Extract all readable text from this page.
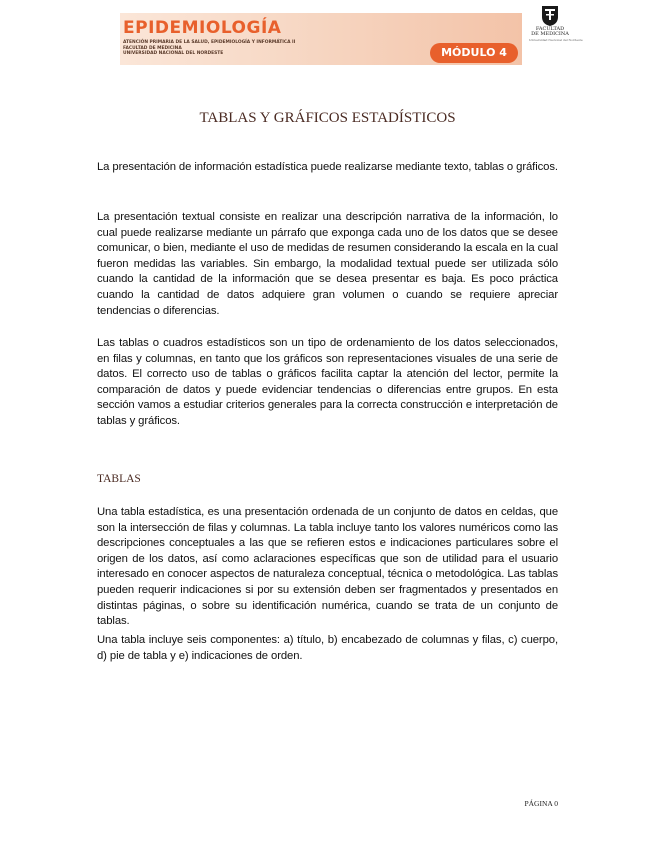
EPIDEMIOLOGÍA
ATENCIÓN PRIMARIA DE LA SALUD, EPIDEMIOLOGÍA Y INFORMÁTICA II
FACULTAD DE MEDICINA
UNIVERSIDAD NACIONAL DEL NORDESTE	MÓDULO 4
FACULTAD
DE MEDICINA
Universidad Nacional del Nordeste
TABLAS Y GRÁFICOS ESTADÍSTICOS

La presentación de información estadística puede realizarse mediante texto, tablas o gráficos.

La presentación textual consiste en realizar una descripción narrativa de la información, lo cual puede realizarse mediante un párrafo que exponga cada uno de los datos que se desee comunicar, o bien, mediante el uso de medidas de resumen considerando la escala en la cual fueron medidas las variables. Sin embargo, la modalidad textual puede ser utilizada sólo cuando la cantidad de la información que se desea presentar es baja. Es poco práctica cuando la cantidad de datos adquiere gran volumen o cuando se requiere apreciar tendencias o diferencias.

Las tablas o cuadros estadísticos son un tipo de ordenamiento de los datos seleccionados, en filas y columnas, en tanto que los gráficos son representaciones visuales de una serie de datos. El correcto uso de tablas o gráficos facilita captar la atención del lector, permite la comparación de datos y puede evidenciar tendencias o diferencias entre grupos. En esta sección vamos a estudiar criterios generales para la correcta construcción e interpretación de tablas y gráficos.

TABLAS

Una tabla estadística, es una presentación ordenada de un conjunto de datos en celdas, que son la intersección de filas y columnas. La tabla incluye tanto los valores numéricos como las descripciones conceptuales a las que se refieren estos e indicaciones particulares sobre el origen de los datos, así como aclaraciones específicas que son de utilidad para el usuario interesado en conocer aspectos de naturaleza conceptual, técnica o metodológica. Las tablas pueden requerir indicaciones si por su extensión deben ser fragmentados y presentados en distintas páginas, o sobre su identificación numérica, cuando se trata de un conjunto de tablas.

Una tabla incluye seis componentes: a) título, b) encabezado de columnas y filas, c) cuerpo, d) pie de tabla y e) indicaciones de orden.

PÁGINA 0
